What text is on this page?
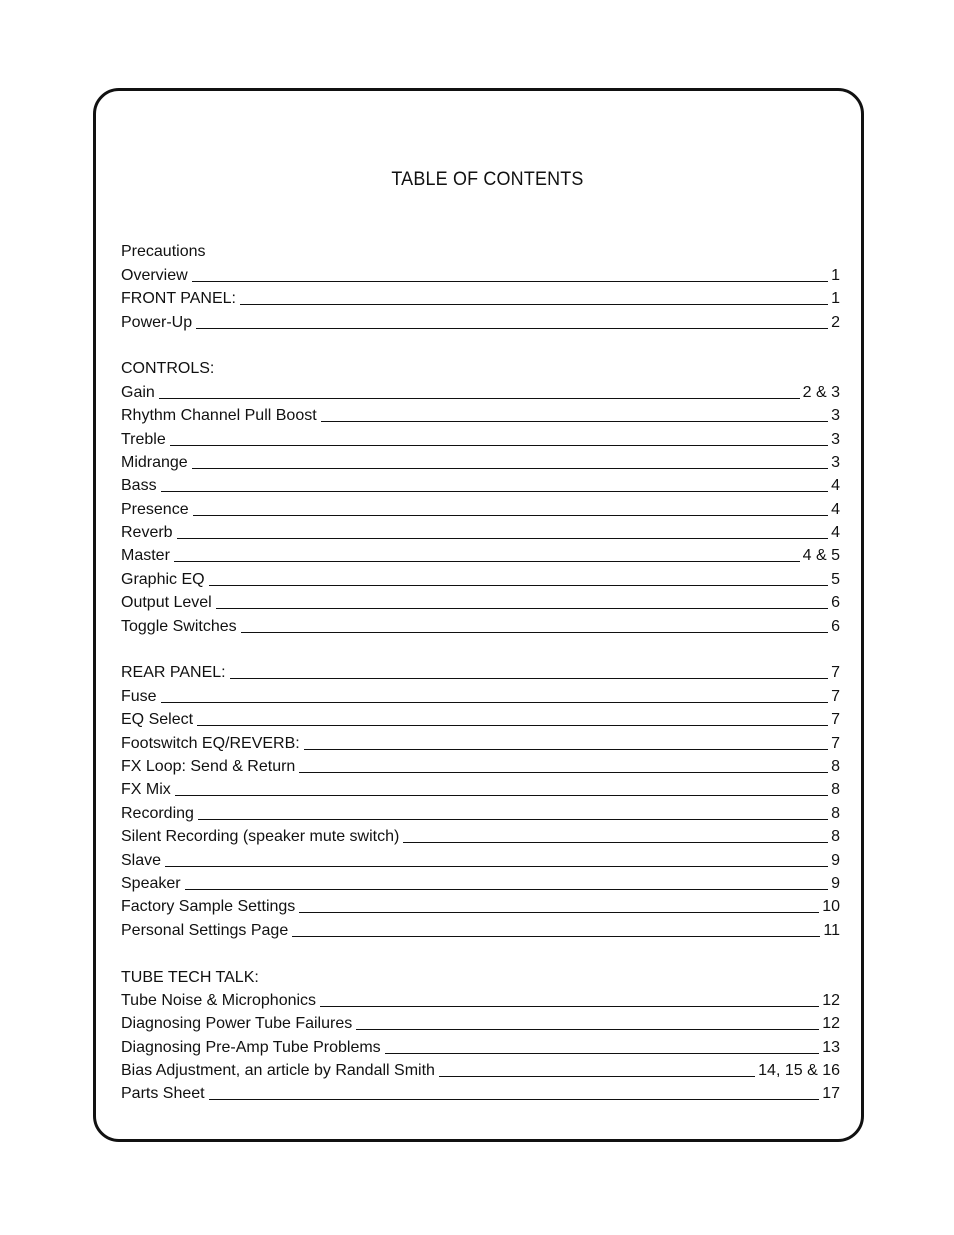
TABLE OF CONTENTS
Precautions
Overview	1
FRONT PANEL:	1
Power-Up	2
CONTROLS:
Gain	2 & 3
Rhythm Channel Pull Boost	3
Treble	3
Midrange	3
Bass	4
Presence	4
Reverb	4
Master	4 & 5
Graphic EQ	5
Output Level	6
Toggle Switches	6
REAR PANEL:	7
Fuse	7
EQ Select	7
Footswitch EQ/REVERB:	7
FX Loop: Send & Return	8
FX Mix	8
Recording	8
Silent Recording (speaker mute switch)	8
Slave	9
Speaker	9
Factory Sample Settings	10
Personal Settings Page	11
TUBE TECH TALK:
Tube Noise & Microphonics	12
Diagnosing Power Tube Failures	12
Diagnosing Pre-Amp Tube Problems	13
Bias Adjustment, an article by Randall Smith	14, 15 & 16
Parts Sheet	17
